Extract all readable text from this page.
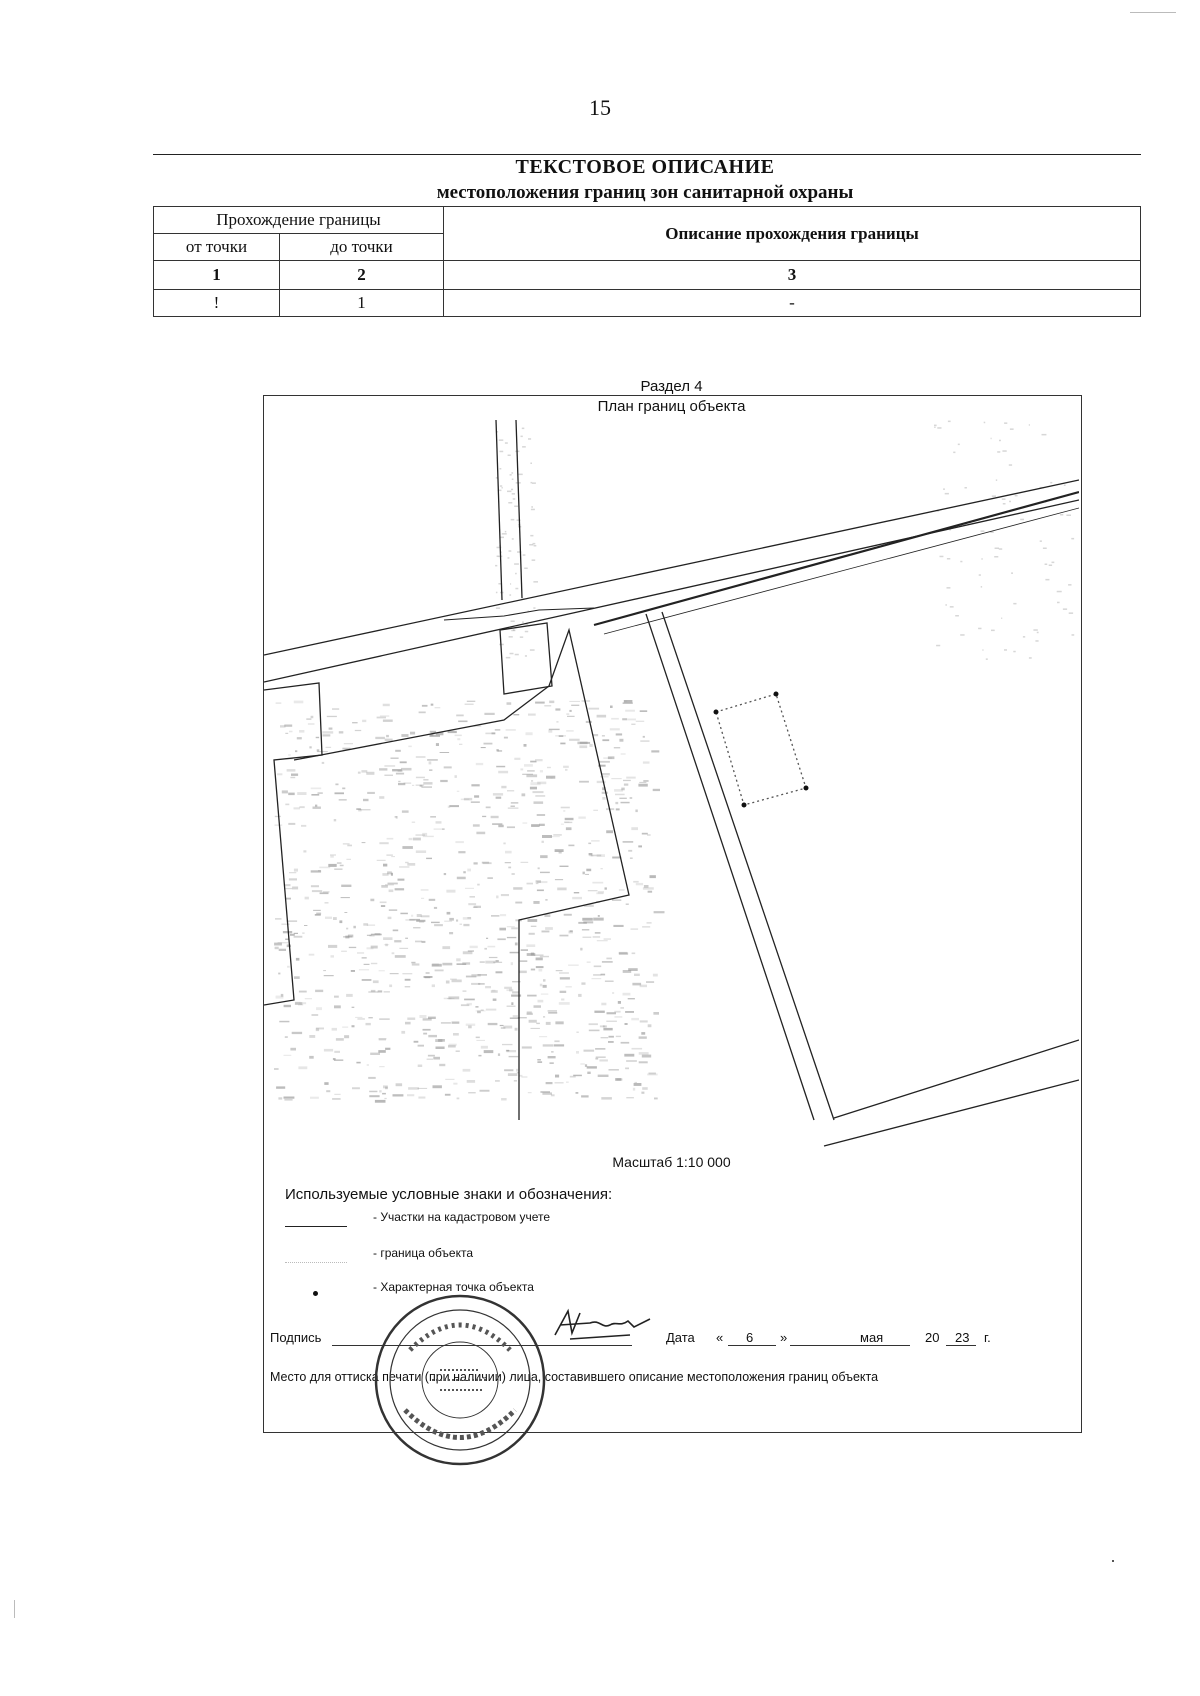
15
ТЕКСТОВОЕ ОПИСАНИЕ
местоположения границ зон санитарной охраны
Прохождение границы		Описание прохождения границы
от точки	до точки	
1	2	3
!	1	-
Раздел 4
План границ объекта
Масштаб 1:10 000
Используемые условные знаки и обозначения:
- Участки на кадастровом учете
- граница объекта
- Характерная точка объекта
Подпись	Дата « 6 »	мая	20 23 г.
Место для оттиска печати (при наличии) лица, составившего описание местоположения границ объекта
